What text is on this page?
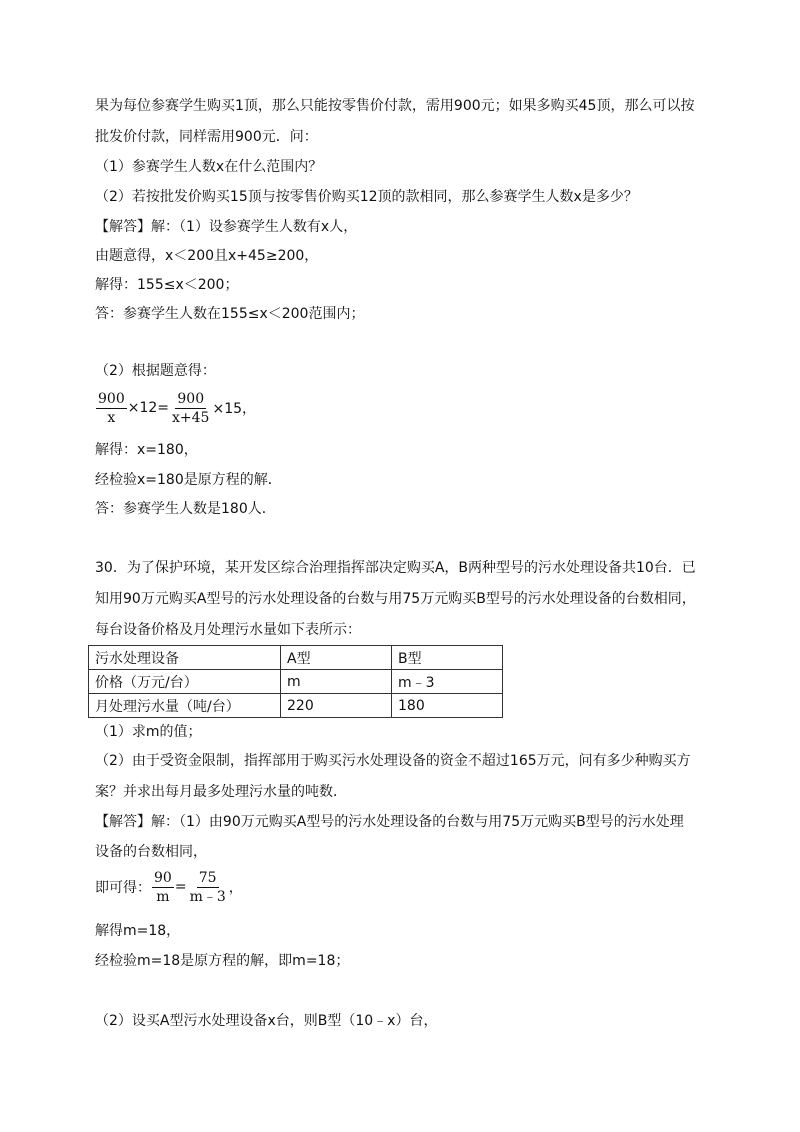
果为每位参赛学生购买1顶，那么只能按零售价付款，需用900元；如果多购买45顶，那么可以按
批发价付款，同样需用900元．问：
（1）参赛学生人数x在什么范围内？
（2）若按批发价购买15顶与按零售价购买12顶的款相同，那么参赛学生人数x是多少？
【解答】解：（1）设参赛学生人数有x人，
由题意得，x＜200且x+45≥200，
解得：155≤x＜200；
答：参赛学生人数在155≤x＜200范围内；
（2）根据题意得：
$\frac{900}{x} \times 12= \frac{900}{x+45} \times 15$，
解得：x=180，
经检验x=180是原方程的解．
答：参赛学生人数是180人．
30．为了保护环境，某开发区综合治理指挥部决定购买A，B两种型号的污水处理设备共10台．已
知用90万元购买A型号的污水处理设备的台数与用75万元购买B型号的污水处理设备的台数相同，
每台设备价格及月处理污水量如下表所示：
污水处理设备	A型	B型
价格（万元/台）	m	m﹣3
月处理污水量（吨/台）	220	180
（1）求m的值；
（2）由于受资金限制，指挥部用于购买污水处理设备的资金不超过165万元，问有多少种购买方
案？并求出每月最多处理污水量的吨数．
【解答】解：（1）由90万元购买A型号的污水处理设备的台数与用75万元购买B型号的污水处理
设备的台数相同，
即可得： $\frac{90}{m} = \frac{75}{m﹣3}$ ，
解得m=18，
经检验m=18是原方程的解，即m=18；
（2）设买A型污水处理设备x台，则B型（10﹣x）台，
